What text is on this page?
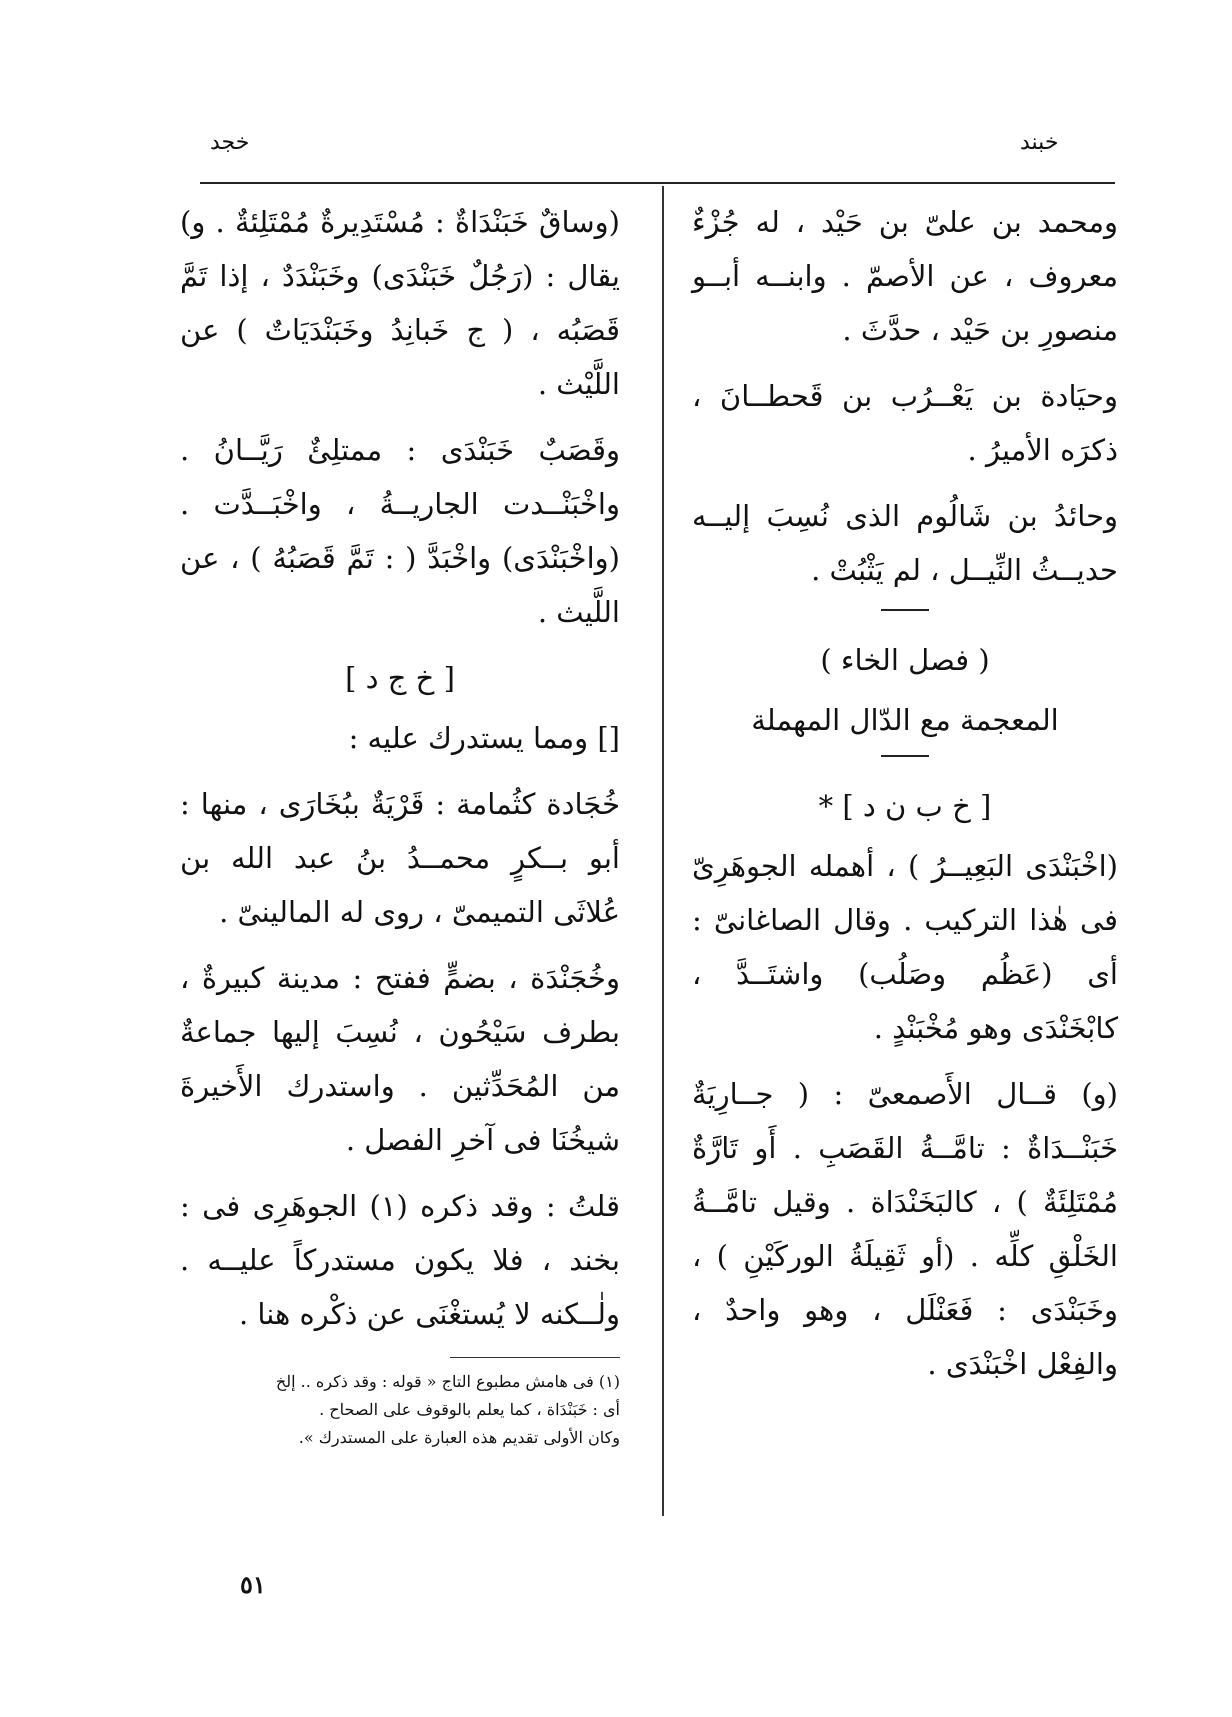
خجد	خبند

ومحمد بن علىّ بن حَيْد ، له جُزْءٌ معروف ، عن الأصمّ . وابنــه أبــو منصورِ بن حَيْد ، حدَّثَ .

وحيَادة بن يَعْــرُب بن قَحطــانَ ، ذكرَه الأميرُ .

وحائدُ بن شَالُوم الذى نُسِبَ إليــه حديــثُ النِّيــل ، لم يَثْبُتْ .

( فصل الخاء )
المعجمة مع الدّال المهملة
[ خ ب ن د ] *

(اخْبَنْدَى البَعِيــرُ ) ، أهمله الجوهَرِىّ فى هٰذا التركيب . وقال الصاغانىّ : أى (عَظُم وصَلُب) واشتَــدَّ ، كابْخَنْدَى وهو مُخْبَنْدٍ .

(و) قــال الأَصمعىّ : ( جــارِيَةٌ خَبَنْــدَاةٌ : تامَّــةُ القَصَبِ . أَو تَارَّةٌ مُمْتَلِئَةٌ ) ، كالبَخَنْدَاة . وقيل تامَّــةُ الخَلْقِ كلِّه . (أو ثَقِيلَةُ الوركَيْنِ ) ، وخَبَنْدَى : فَعَنْلَل ، وهو واحدٌ ، والفِعْل اخْبَنْدَى .

(وساقٌ خَبَنْدَاةٌ : مُسْتَدِيرةٌ مُمْتَلِئةٌ . و) يقال : (رَجُلٌ خَبَنْدَى) وخَبَنْدَدٌ ، إذا تَمَّ قَصَبُه ، ( ج خَبانِدُ وخَبَنْدَيَاتٌ ) عن اللَّيْث .

وقَصَبٌ خَبَنْدَى : ممتلِئٌ رَيَّــانُ . واخْبَنْــدت الجاريــةُ ، واخْبَــدَّت . (واخْبَنْدَى) واخْبَدَّ ( : تَمَّ قَصَبُهُ ) ، عن اللَّيث .

[ خ ج د ]

[] ومما يستدرك عليه :

خُجَادة كثُمامة : قَرْيَةٌ ببُخَارَى ، منها : أبو بــكرٍ محمــدُ بنُ عبد الله بن عُلاثَى التميمىّ ، روى له المالينىّ .

وخُجَنْدَة ، بضمٍّ ففتح : مدينة كبيرةٌ ، بطرف سَيْحُون ، نُسِبَ إليها جماعةٌ من المُحَدِّثين . واستدرك الأَخيرةَ شيخُنَا فى آخرِ الفصل .

قلتُ : وقد ذكره (١) الجوهَرِى فى : بخند ، فلا يكون مستدركاً عليــه . ولٰــكنه لا يُستغْنَى عن ذكْره هنا .

(١) فى هامش مطبوع التاج « قوله : وقد ذكره .. إلخ
أى : خَبَنْدَاة ، كما يعلم بالوقوف على الصحاح .
وكان الأولى تقديم هذه العبارة على المستدرك ».
٥١
